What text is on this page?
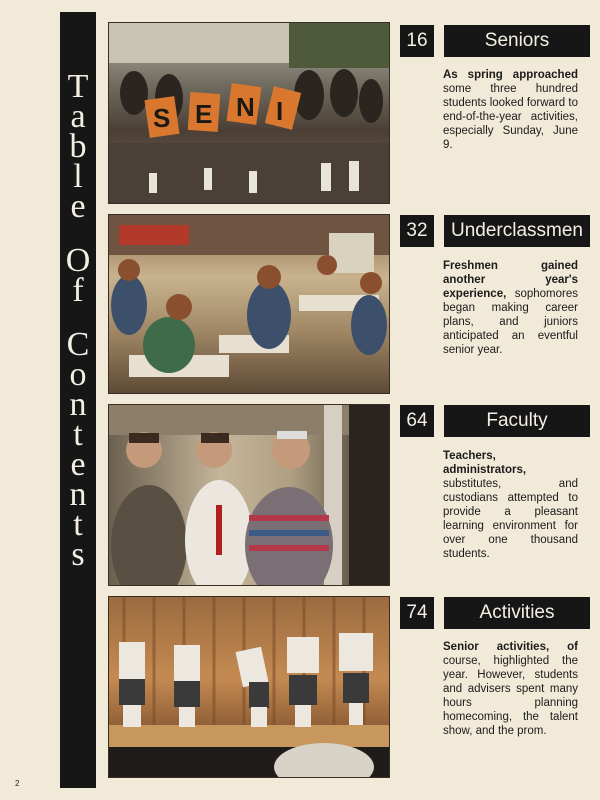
T
a
b
l
e
O
f
C
o
n
t
e
n
t
s
S E N I
16	Seniors
As spring approached some three hundred students looked forward to end-of-the-year activities, especially Sunday, June 9.
32	Underclassmen
Freshmen gained another year's experience, sophomores began making career plans, and juniors anticipated an eventful senior year.
64	Faculty
Teachers, administrators, substitutes, and custodians attempted to provide a pleasant learning environment for over one thousand students.
74	Activities
Senior activities, of course, highlighted the year. However, students and advisers spent many hours planning homecoming, the talent show, and the prom.
2
